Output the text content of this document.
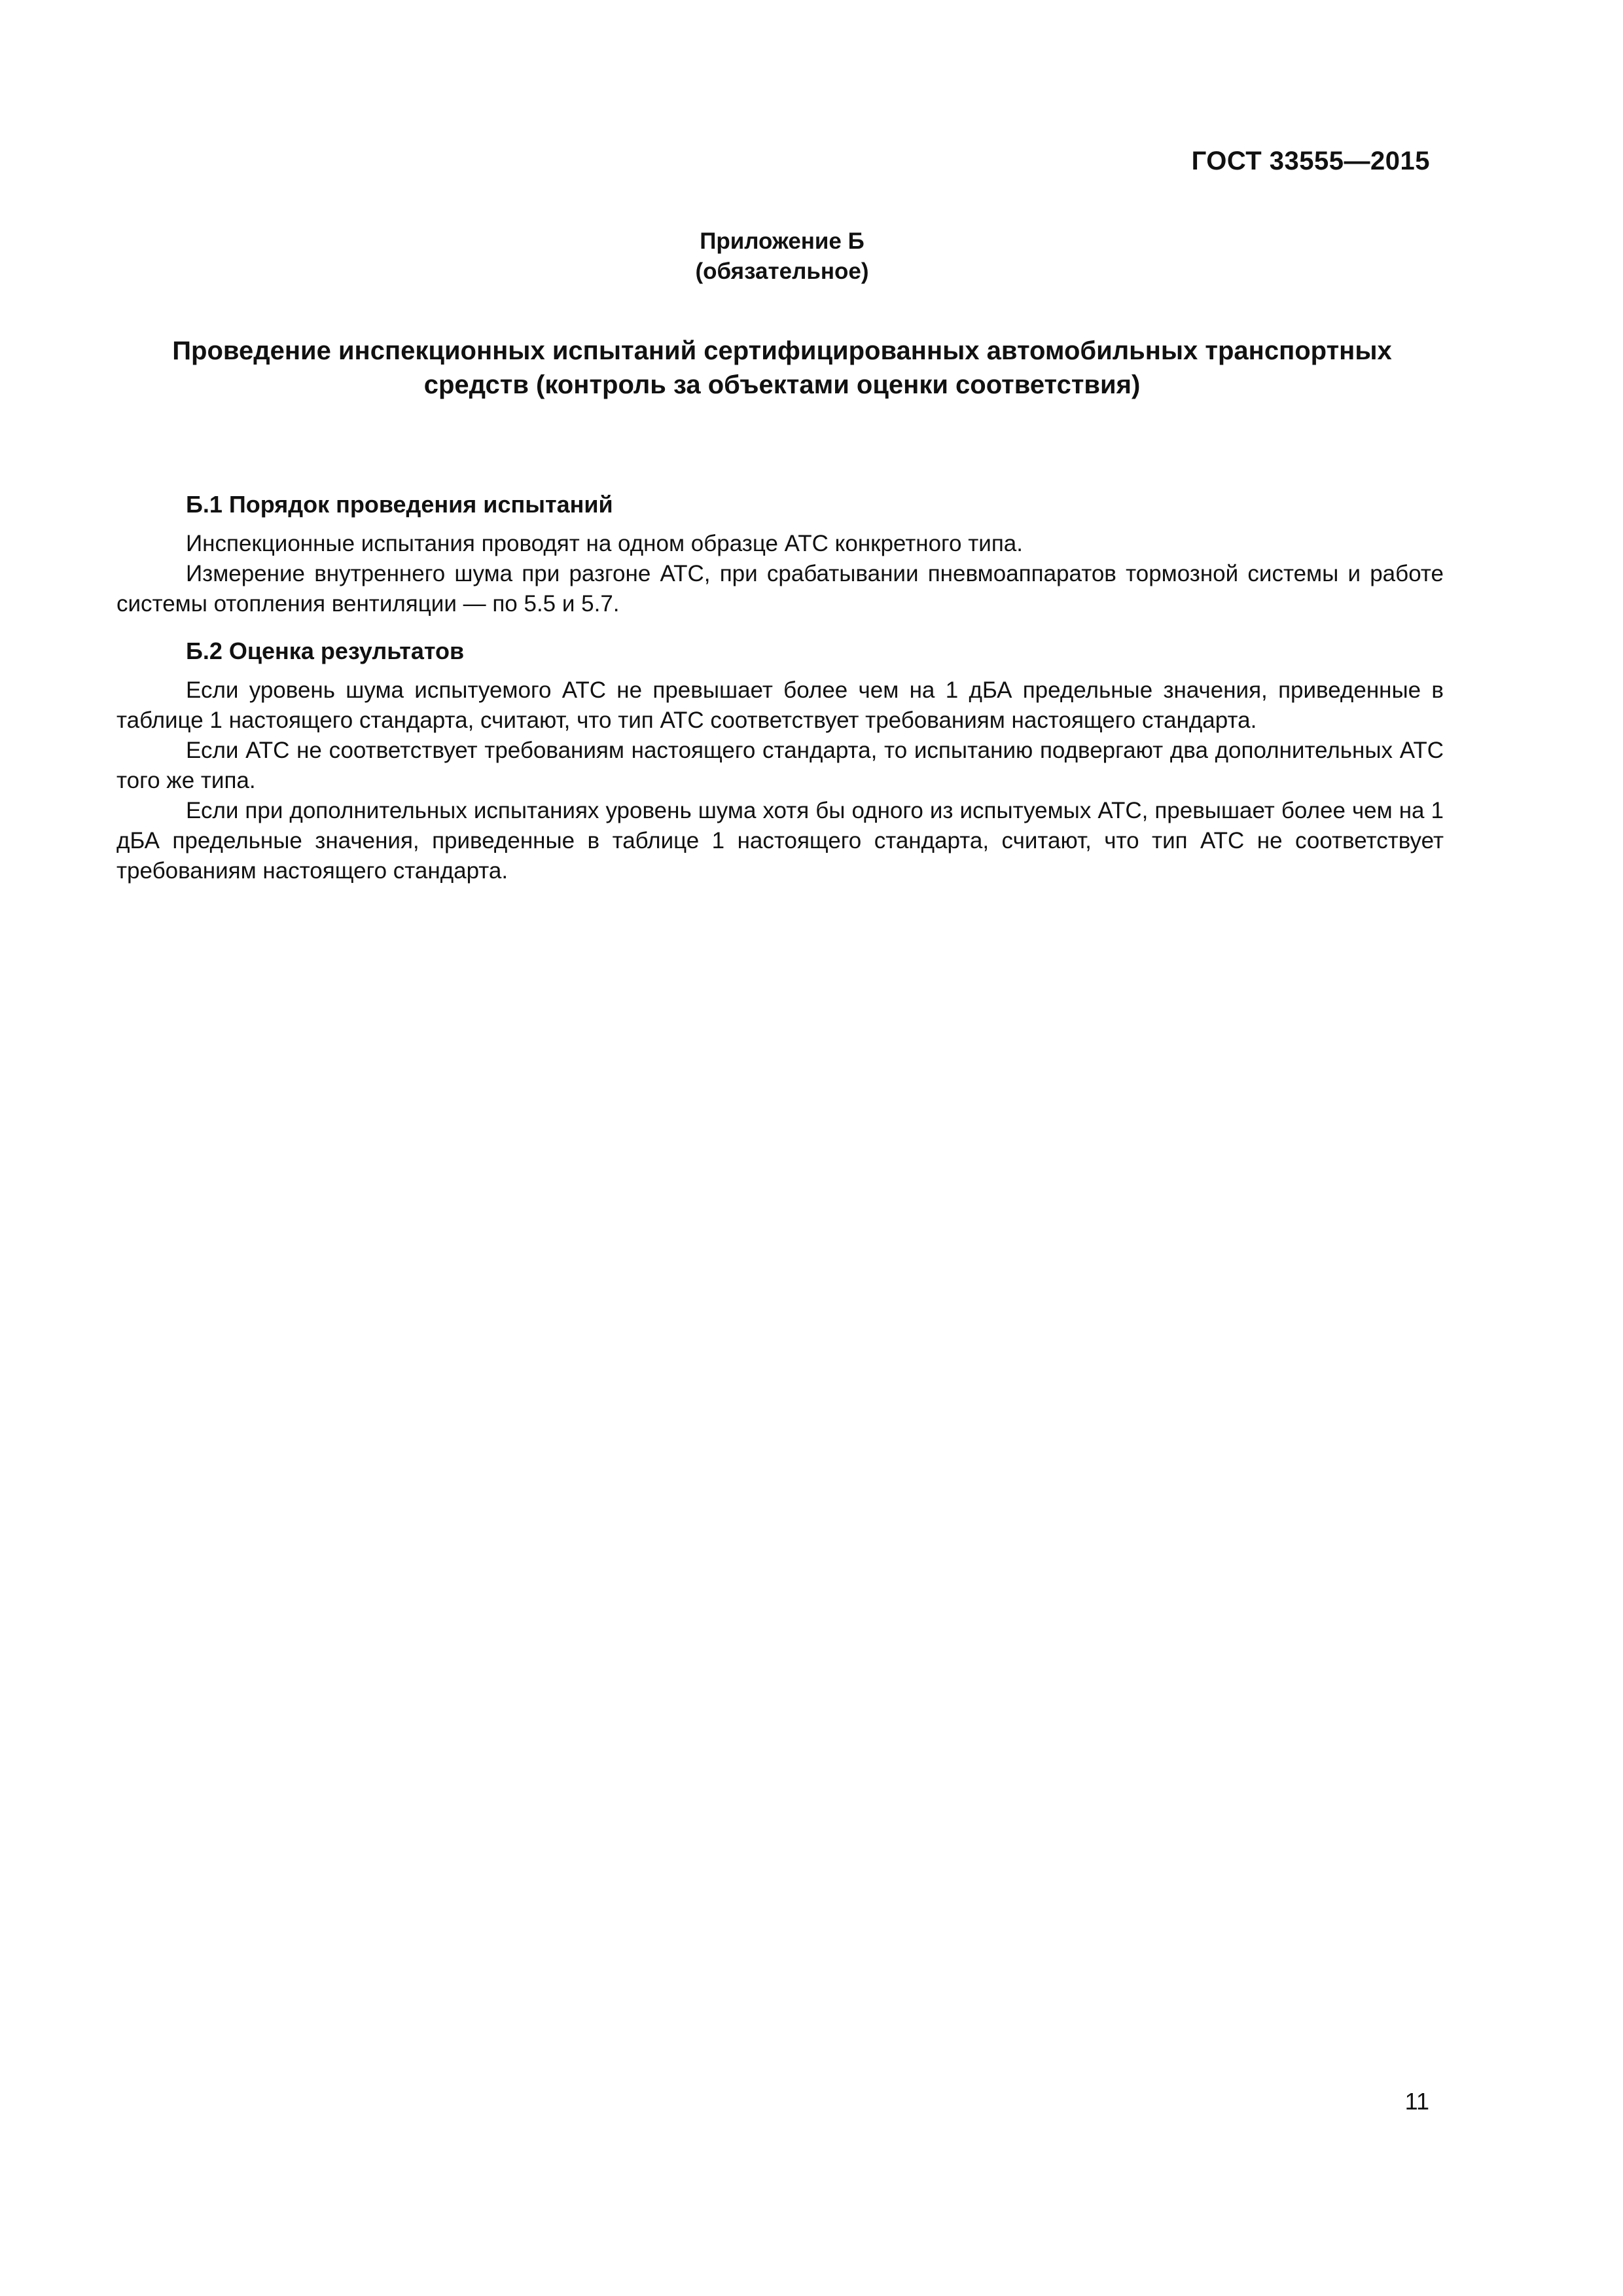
ГОСТ 33555—2015
Приложение Б
(обязательное)
Проведение инспекционных испытаний сертифицированных автомобильных транспортных
средств (контроль за объектами оценки соответствия)
Б.1 Порядок проведения испытаний

Инспекционные испытания проводят на одном образце АТС конкретного типа.

Измерение внутреннего шума при разгоне АТС, при срабатывании пневмоаппаратов тормозной системы и работе системы отопления вентиляции — по 5.5 и 5.7.

Б.2 Оценка результатов

Если уровень шума испытуемого АТС не превышает более чем на 1 дБА предельные значения, приведенные в таблице 1 настоящего стандарта, считают, что тип АТС соответствует требованиям настоящего стандарта.

Если АТС не соответствует требованиям настоящего стандарта, то испытанию подвергают два дополнительных АТС того же типа.

Если при дополнительных испытаниях уровень шума хотя бы одного из испытуемых АТС, превышает более чем на 1 дБА предельные значения, приведенные в таблице 1 настоящего стандарта, считают, что тип АТС не соответствует требованиям настоящего стандарта.

11
